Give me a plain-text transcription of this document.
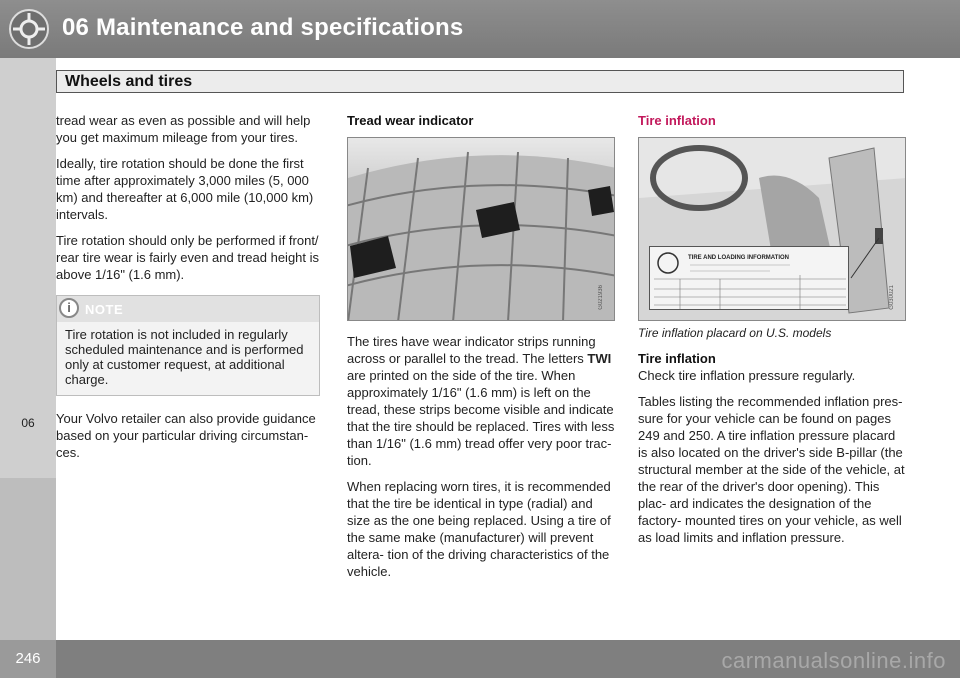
06 Maintenance and specifications
Wheels and tires
06

tread wear as even as possible and will help you get maximum mileage from your tires.

Ideally, tire rotation should be done the first time after approximately 3,000 miles (5, 000 km) and thereafter at 6,000 mile (10,000 km) intervals.

Tire rotation should only be performed if front/ rear tire wear is fairly even and tread height is above 1/16" (1.6 mm).

i	NOTE
Tire rotation is not included in regularly scheduled maintenance and is performed only at customer request, at additional charge.

Your Volvo retailer can also provide guidance based on your particular driving circumstan- ces.

Tread wear indicator
G021936

The tires have wear indicator strips running across or parallel to the tread. The letters TWI are printed on the side of the tire. When approximately 1/16" (1.6 mm) is left on the tread, these strips become visible and indicate that the tire should be replaced. Tires with less than 1/16" (1.6 mm) tread offer very poor trac- tion.

When replacing worn tires, it is recommended that the tire be identical in type (radial) and size as the one being replaced. Using a tire of the same make (manufacturer) will prevent altera- tion of the driving characteristics of the vehicle.

Tire inflation
TIRE AND LOADING INFORMATION
G030021
Tire inflation placard on U.S. models
Tire inflation

Check tire inflation pressure regularly.

Tables listing the recommended inflation pres- sure for your vehicle can be found on pages 249 and 250. A tire inflation pressure placard is also located on the driver's side B-pillar (the structural member at the side of the vehicle, at the rear of the driver's door opening). This plac- ard indicates the designation of the factory- mounted tires on your vehicle, as well as load limits and inflation pressure.

246	carmanualsonline.info
